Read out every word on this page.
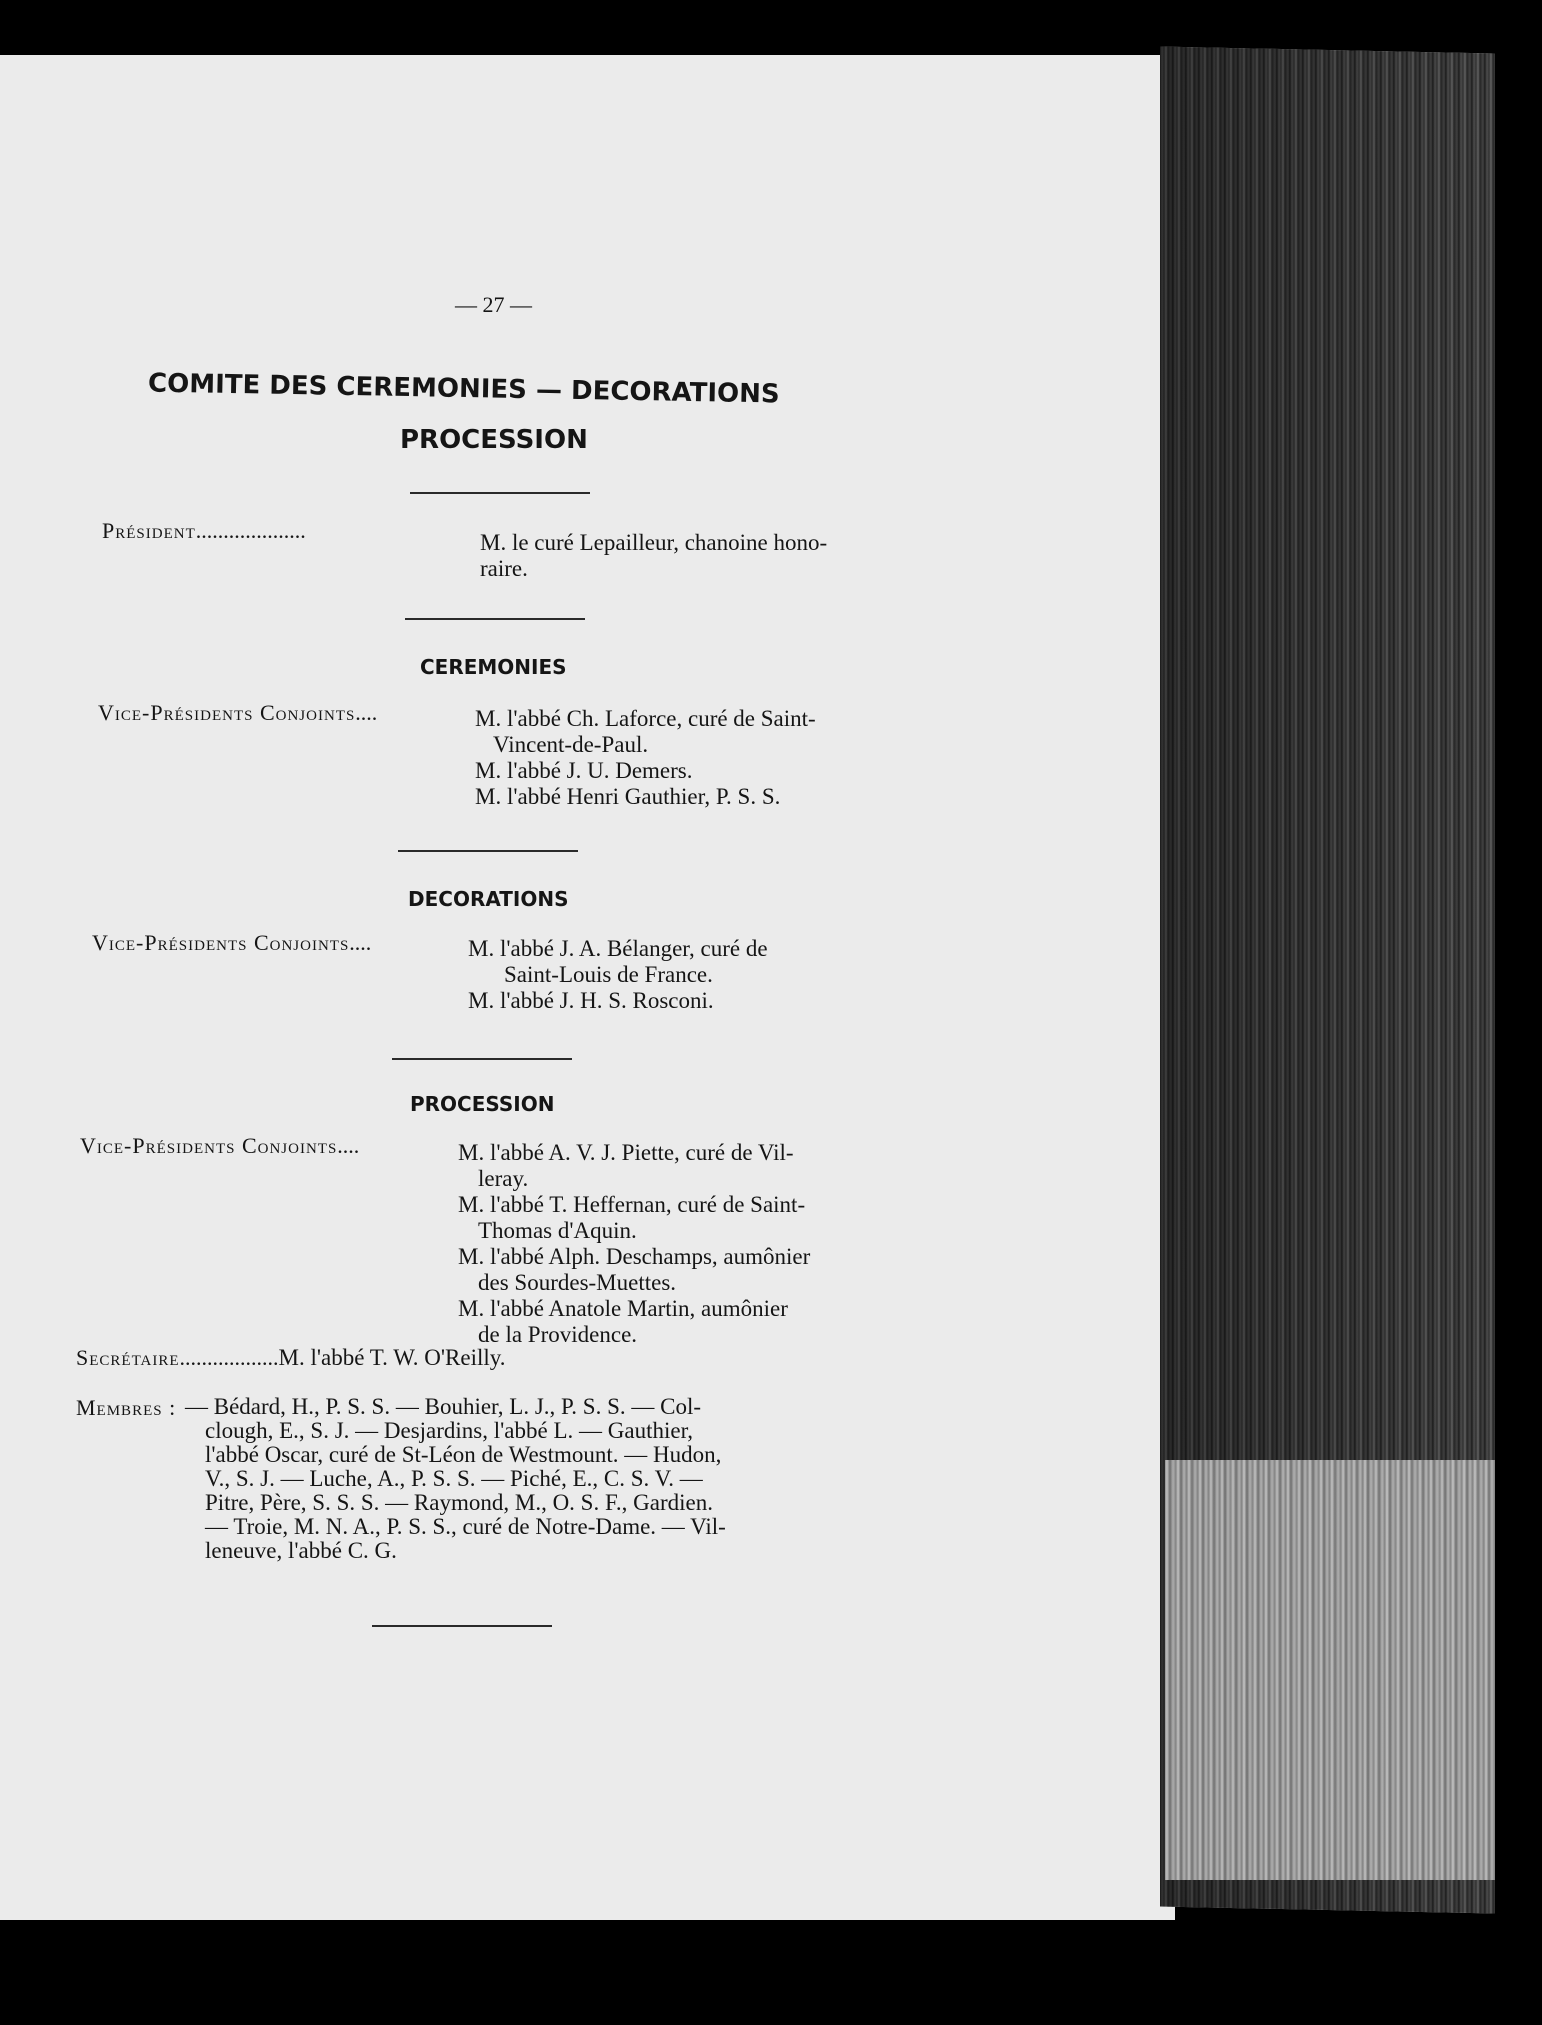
— 27 —
COMITE DES CEREMONIES — DECORATIONS
PROCESSION
Président....................	M. le curé Lepailleur, chanoine hono-
raire.
CEREMONIES
Vice-Présidents Conjoints....	M. l'abbé Ch. Laforce, curé de Saint-
Vincent-de-Paul.
M. l'abbé J. U. Demers.
M. l'abbé Henri Gauthier, P. S. S.
DECORATIONS
Vice-Présidents Conjoints....	M. l'abbé J. A. Bélanger, curé de
Saint-Louis de France.
M. l'abbé J. H. S. Rosconi.
PROCESSION
Vice-Présidents Conjoints....	M. l'abbé A. V. J. Piette, curé de Vil-
leray.
M. l'abbé T. Heffernan, curé de Saint-
Thomas d'Aquin.
M. l'abbé Alph. Deschamps, aumônier
des Sourdes-Muettes.
M. l'abbé Anatole Martin, aumônier
de la Providence.
Secrétaire..................M. l'abbé T. W. O'Reilly.
Membres : — Bédard, H., P. S. S. — Bouhier, L. J., P. S. S. — Col-
clough, E., S. J. — Desjardins, l'abbé L. — Gauthier,
l'abbé Oscar, curé de St-Léon de Westmount. — Hudon,
V., S. J. — Luche, A., P. S. S. — Piché, E., C. S. V. —
Pitre, Père, S. S. S. — Raymond, M., O. S. F., Gardien.
— Troie, M. N. A., P. S. S., curé de Notre-Dame. — Vil-
leneuve, l'abbé C. G.
